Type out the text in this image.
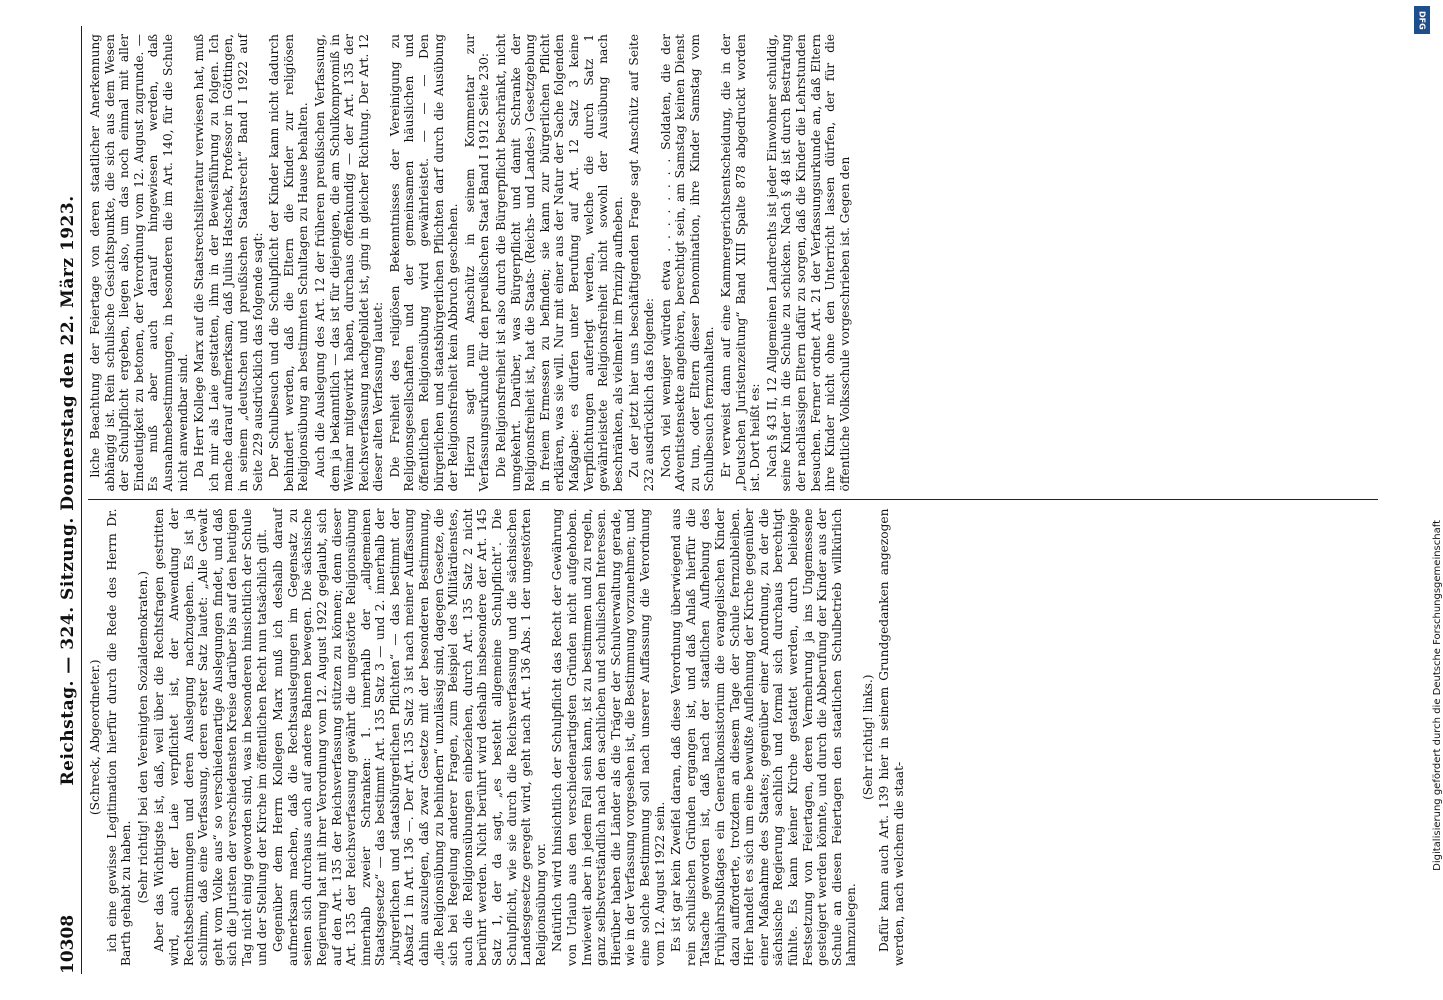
10308
Reichstag. — 324. Sitzung. Donnerstag den 22. März 1923. (Schreck, Abgeordneter.) ich eine gewisse Legitimation hierfür durch die Rede des Herrn Dr. Barth gehabt zu haben. (Sehr richtig! bei den Vereinigten Sozialdemokraten.) Aber das Wichtigste ist, daß, weil über die Rechtsfragen gestritten wird, auch der Laie verpflichtet ist, der Anwendung der Rechtsbestimmungen und deren Auslegung nachzugehen. Es ist ja schlimm, daß eine Verfassung, deren erster Satz lautet: „Alle Gewalt geht vom Volke aus“ so verschiedenartige Auslegungen findet, und daß sich die Juristen der verschiedensten Kreise darüber bis auf den heutigen Tag nicht einig geworden sind, was in besonderen hinsichtlich der Schule und der Stellung der Kirche im öffentlichen Recht nun tatsächlich gilt. Gegenüber dem Herrn Kollegen Marx muß ich deshalb darauf aufmerksam machen, daß die Rechtsauslegungen im Gegensatz zu seinen sich durchaus auch auf andere Bahnen bewegen. Die sächsische Regierung hat mit ihrer Verordnung vom 12. August 1922 geglaubt, sich auf den Art. 135 der Reichsverfassung stützen zu können; denn dieser Art. 135 der Reichsverfassung gewährt die ungestörte Religionsübung innerhalb zweier Schranken: 1. innerhalb der „allgemeinen Staatsgesetze“ — das bestimmt Art. 135 Satz 3 — und 2. innerhalb der „bürgerlichen und staatsbürgerlichen Pflichten“ — das bestimmt der Absatz 1 in Art. 136 —. Der Art. 135 Satz 3 ist nach meiner Auffassung dahin auszulegen, daß zwar Gesetze mit der besonderen Bestimmung, „die Religionsübung zu behindern“ unzulässig sind, dagegen Gesetze, die sich bei Regelung anderer Fragen, zum Beispiel des Militärdienstes, auch die Religionsübungen einbeziehen, durch Art. 135 Satz 2 nicht berührt werden. Nicht berührt wird deshalb insbesondere der Art. 145 Satz 1, der da sagt, „es besteht allgemeine Schulpflicht“. Die Schulpflicht, wie sie durch die Reichsverfassung und die sächsischen Landesgesetze geregelt wird, geht nach Art. 136 Abs. 1 der ungestörten Religionsübung vor. Natürlich wird hinsichtlich der Schulpflicht das Recht der Gewährung von Urlaub aus den verschiedenartigsten Gründen nicht aufgehoben. Inwieweit aber in jedem Fall sein kann, ist zu bestimmen und zu regeln, ganz selbstverständlich nach den sachlichen und schulischen Interessen. Hierüber haben die Länder als die Träger der Schulverwaltung gerade, wie in der Verfassung vorgesehen ist, die Bestimmung vorzunehmen; und eine solche Bestimmung soll nach unserer Auffassung die Verordnung vom 12. August 1922 sein. Es ist gar kein Zweifel daran, daß diese Verordnung überwiegend aus rein schulischen Gründen ergangen ist, und daß Anlaß hierfür die Tatsache geworden ist, daß nach der staatlichen Aufhebung des Frühjahrsbußtages ein Generalkonsistorium die evangelischen Kinder dazu aufforderte, trotzdem an diesem Tage der Schule fernzubleiben. Hier handelt es sich um eine bewußte Auflehnung der Kirche gegenüber einer Maßnahme des Staates; gegenüber einer Anordnung, zu der die sächsische Regierung sachlich und formal sich durchaus berechtigt fühlte. Es kann keiner Kirche gestattet werden, durch beliebige Festsetzung von Feiertagen, deren Vermehrung ja ins Ungemessene gesteigert werden könnte, und durch die Abberufung der Kinder aus der Schule an diesen Feiertagen den staatlichen Schulbetrieb willkürlich lahmzulegen.

(Sehr richtig! links.) Dafür kann auch Art. 139 hier in seinem Grundgedanken angezogen werden, nach welchem die staat-

liche Beachtung der Feiertage von deren staatlicher Anerkennung abhängig ist. Rein schulische Gesichtspunkte, die sich aus dem Wesen der Schulpflicht ergeben, liegen also, um das noch einmal mit aller Eindeutigkeit zu betonen, der Verordnung vom 12. August zugrunde. — Es muß aber auch darauf hingewiesen werden, daß Ausnahmebestimmungen, in besonderen die im Art. 140, für die Schule nicht anwendbar sind. Da Herr Kollege Marx auf die Staatsrechtsliteratur verwiesen hat, muß ich mir als Laie gestatten, ihm in der Beweisführung zu folgen. Ich mache darauf aufmerksam, daß Julius Hatschek, Professor in Göttingen, in seinem „deutschen und preußischen Staatsrecht“ Band I 1922 auf Seite 229 ausdrücklich das folgende sagt: Der Schulbesuch und die Schulpflicht der Kinder kann nicht dadurch behindert werden, daß die Eltern die Kinder zur religiösen Religionsübung an bestimmten Schultagen zu Hause behalten. Auch die Auslegung des Art. 12 der früheren preußischen Verfassung, dem ja bekanntlich — das ist für diejenigen, die am Schulkompromiß in Weimar mitgewirkt haben, durchaus offenkundig — der Art. 135 der Reichsverfassung nachgebildet ist, ging in gleicher Richtung. Der Art. 12 dieser alten Verfassung lautet: Die Freiheit des religiösen Bekenntnisses der Vereinigung zu Religionsgesellschaften und der gemeinsamen häuslichen und öffentlichen Religionsübung wird gewährleistet. — — — Den bürgerlichen und staatsbürgerlichen Pflichten darf durch die Ausübung der Religionsfreiheit kein Abbruch geschehen. Hierzu sagt nun Anschütz in seinem Kommentar zur Verfassungsurkunde für den preußischen Staat Band I 1912 Seite 230: Die Religionsfreiheit ist also durch die Bürgerpflicht beschränkt, nicht umgekehrt. Darüber, was Bürgerpflicht und damit Schranke der Religionsfreiheit ist, hat die Staats- (Reichs- und Landes-) Gesetzgebung in freiem Ermessen zu befinden; sie kann zur bürgerlichen Pflicht erklären, was sie will. Nur mit einer aus der Natur der Sache folgenden Maßgabe: es dürfen unter Berufung auf Art. 12 Satz 3 keine Verpflichtungen auferlegt werden, welche die durch Satz 1 gewährleistete Religionsfreiheit nicht sowohl der Ausübung nach beschränken, als vielmehr im Prinzip aufheben. Zu der jetzt hier uns beschäftigenden Frage sagt Anschütz auf Seite 232 ausdrücklich das folgende: Noch viel weniger würden etwa . . . . . . . . Soldaten, die der Adventistensekte angehören, berechtigt sein, am Samstag keinen Dienst zu tun, oder Eltern dieser Denomination, ihre Kinder Samstag vom Schulbesuch fernzuhalten. Er verweist dann auf eine Kammergerichtsentscheidung, die in der „Deutschen Juristenzeitung“ Band XIII Spalte 878 abgedruckt worden ist. Dort heißt es: Nach § 43 II, 12 Allgemeinen Landrechts ist jeder Einwohner schuldig, seine Kinder in die Schule zu schicken. Nach § 48 ist durch Bestrafung der nachlässigen Eltern dafür zu sorgen, daß die Kinder die Lehrstunden besuchen. Ferner ordnet Art. 21 der Verfassungsurkunde an, daß Eltern ihre Kinder nicht ohne den Unterricht lassen dürfen, der für die öffentliche Volksschule vorgeschrieben ist. Gegen den

DFG
Digitalisierung gefördert durch die Deutsche Forschungsgemeinschaft
